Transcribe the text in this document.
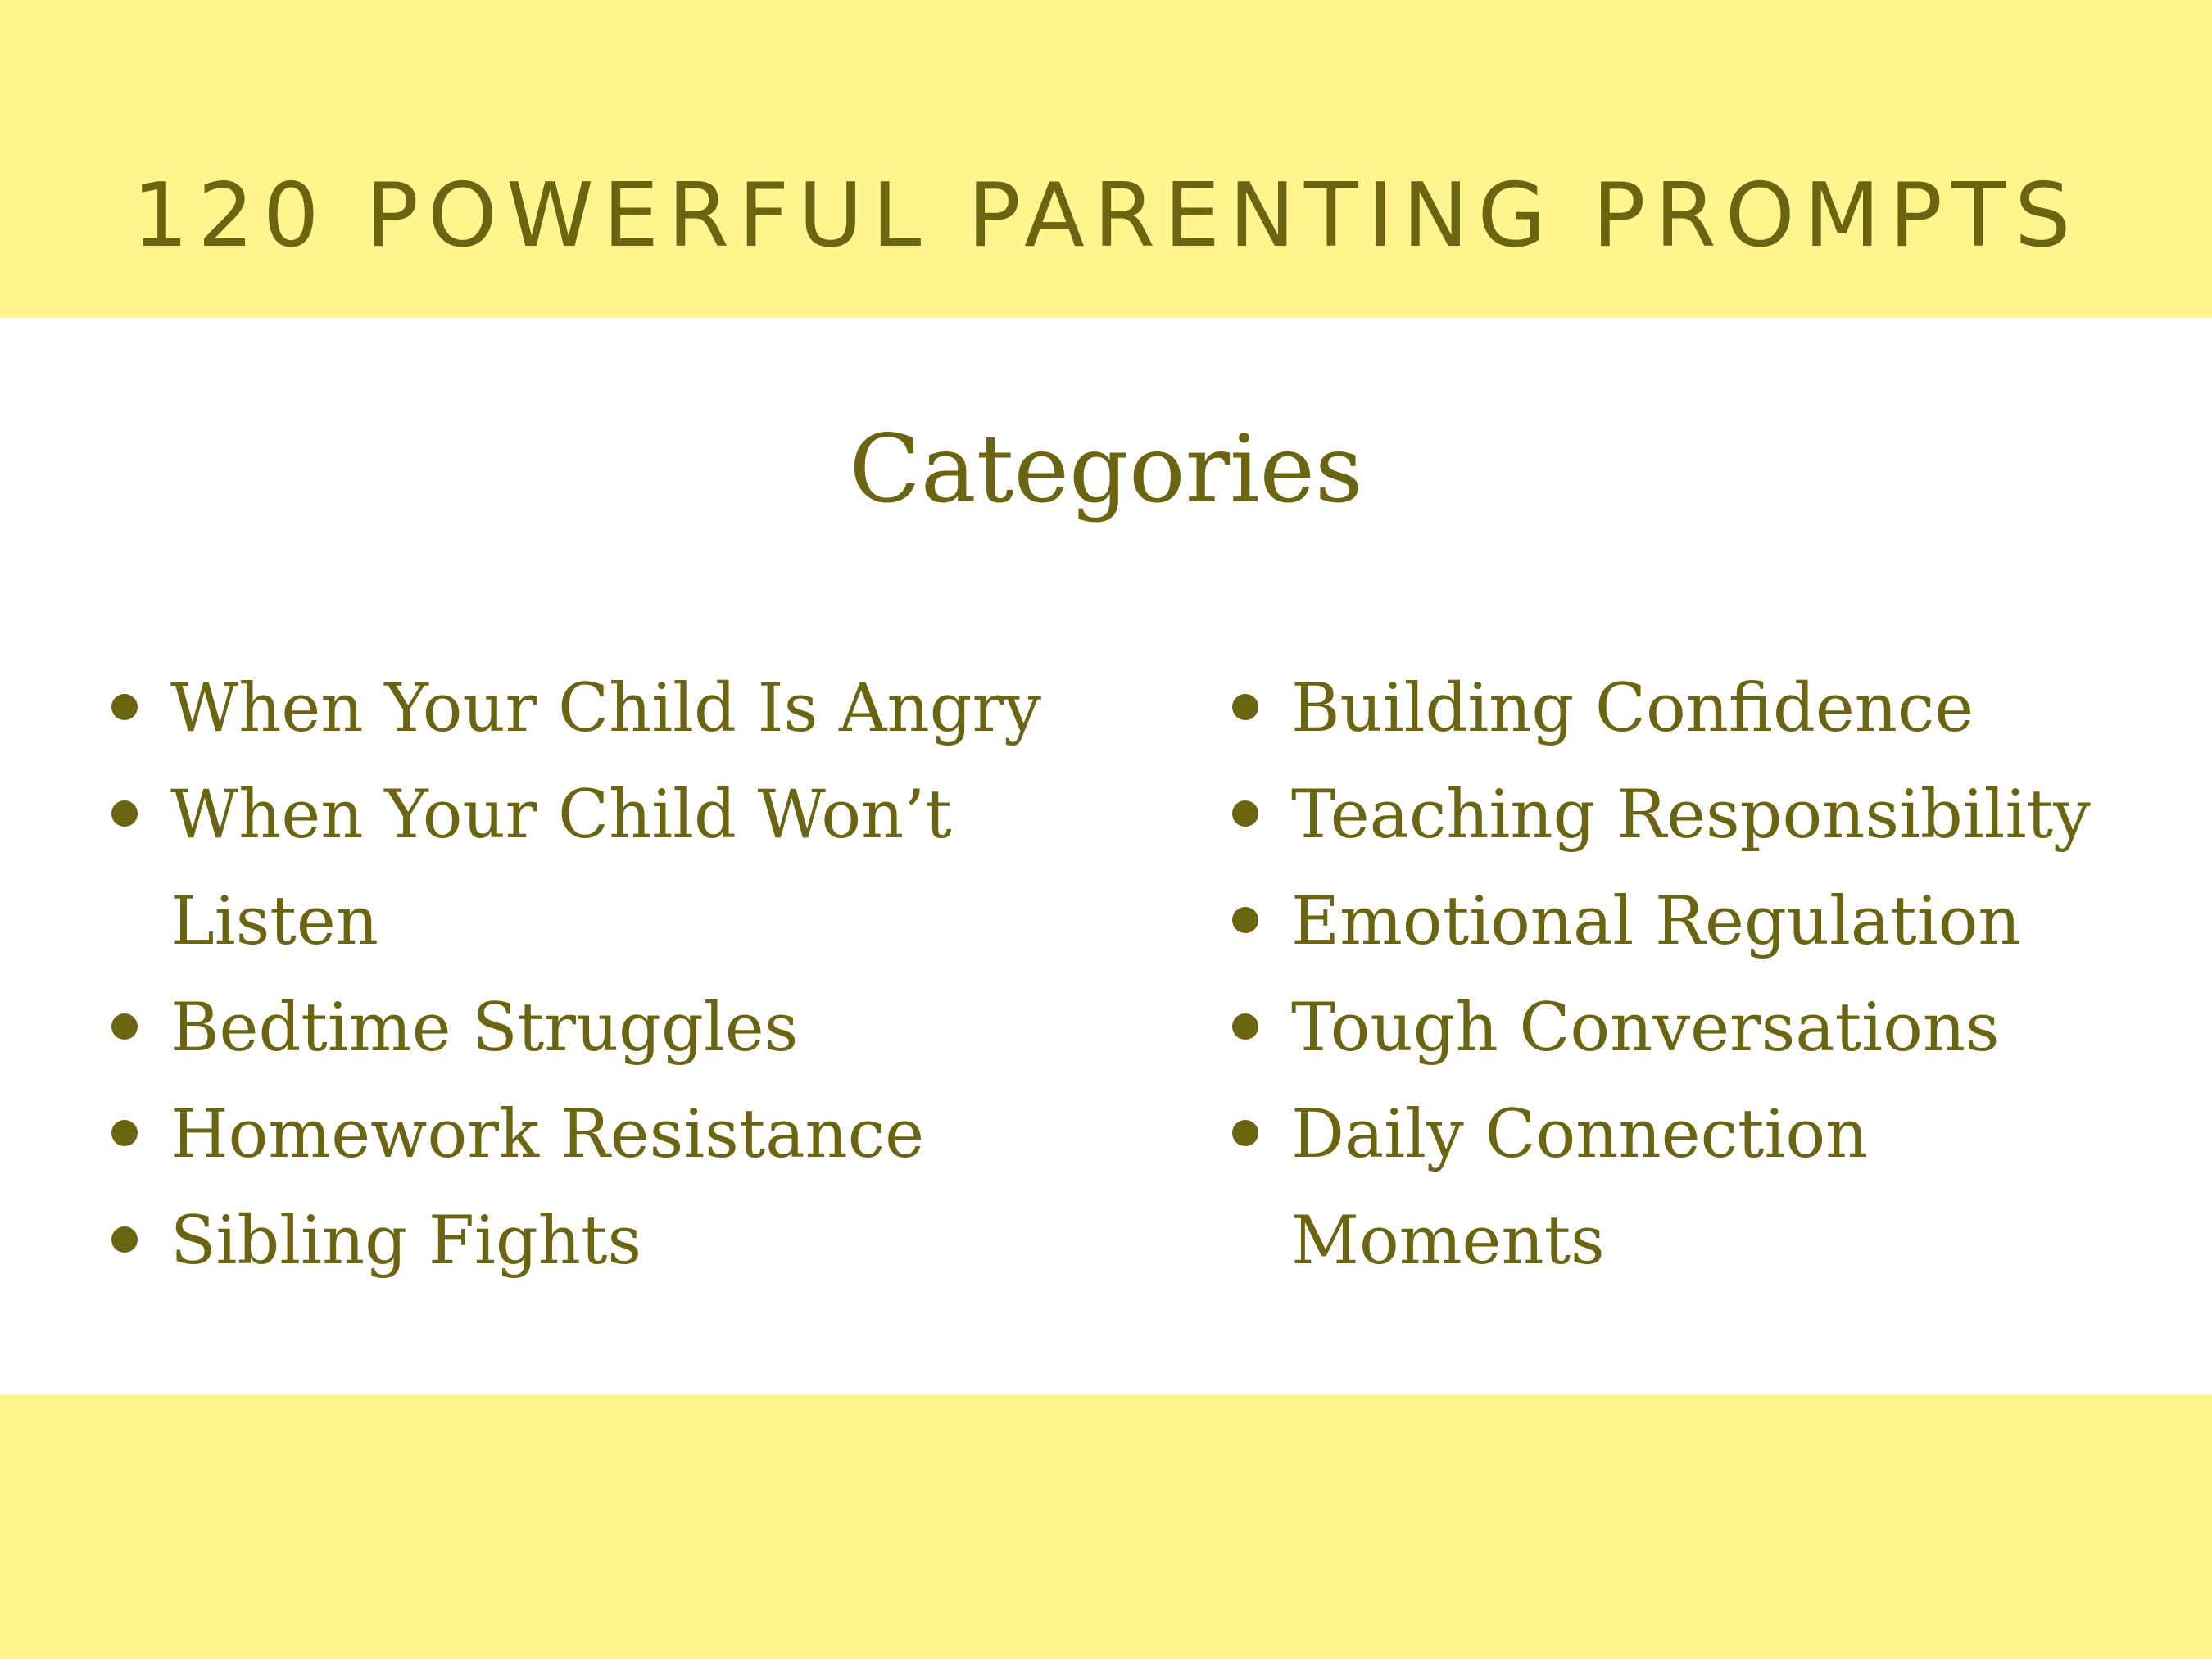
120 POWERFUL PARENTING PROMPTS
Categories
When Your Child Is Angry
When Your Child Won’t Listen
Bedtime Struggles
Homework Resistance
Sibling Fights
Building Confidence
Teaching Responsibility
Emotional Regulation
Tough Conversations
Daily Connection Moments
